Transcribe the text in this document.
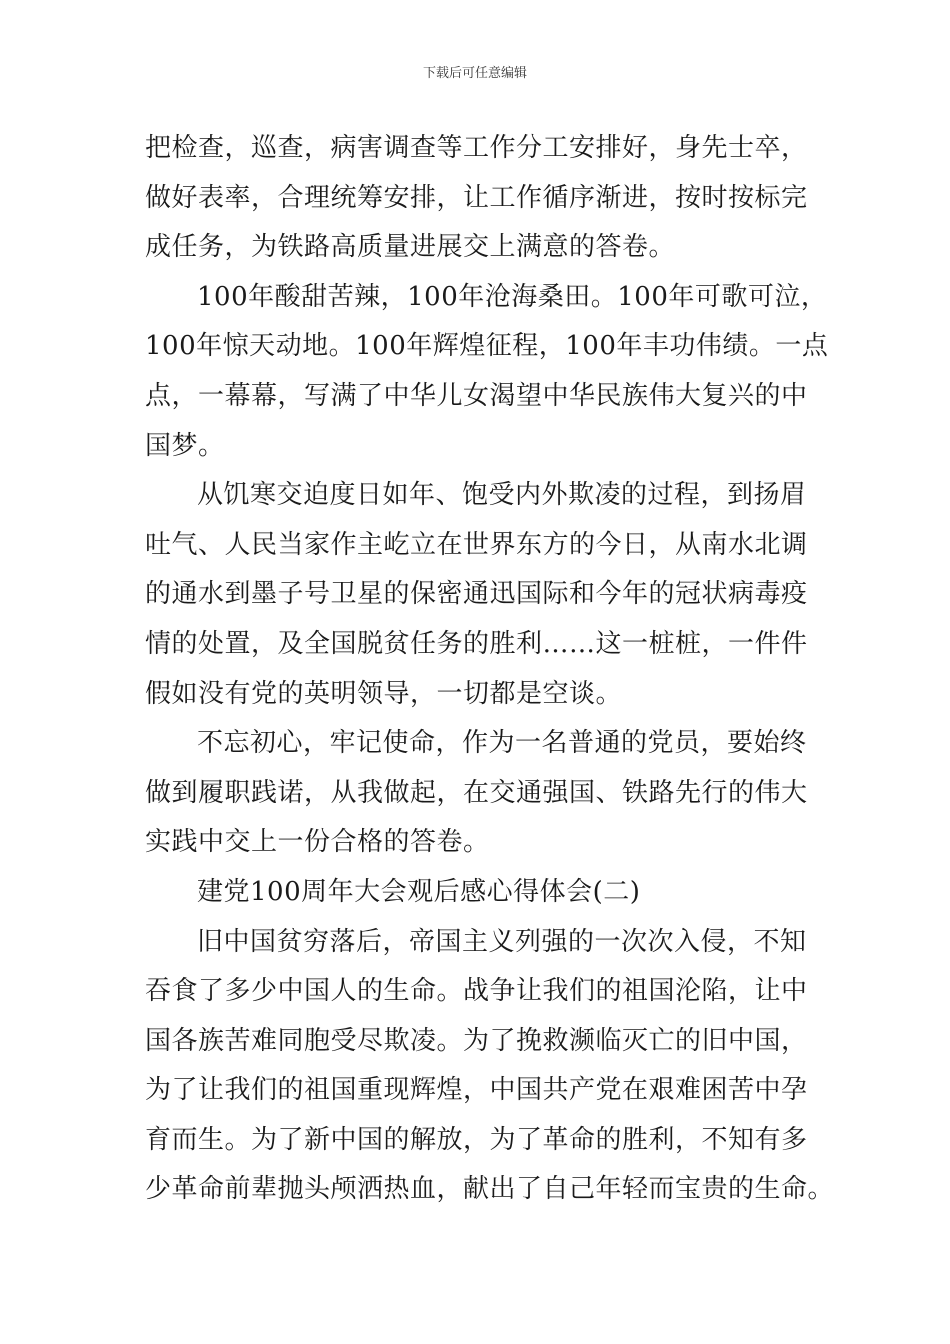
下载后可任意编辑
把检查，巡查，病害调查等工作分工安排好，身先士卒，
做好表率，合理统筹安排，让工作循序渐进，按时按标完
成任务，为铁路高质量进展交上满意的答卷。
100年酸甜苦辣，100年沧海桑田。100年可歌可泣，
100年惊天动地。100年辉煌征程，100年丰功伟绩。一点
点，一幕幕，写满了中华儿女渴望中华民族伟大复兴的中
国梦。
从饥寒交迫度日如年、饱受内外欺凌的过程，到扬眉
吐气、人民当家作主屹立在世界东方的今日，从南水北调
的通水到墨子号卫星的保密通迅国际和今年的冠状病毒疫
情的处置，及全国脱贫任务的胜利……这一桩桩，一件件
假如没有党的英明领导，一切都是空谈。
不忘初心，牢记使命，作为一名普通的党员，要始终
做到履职践诺，从我做起，在交通强国、铁路先行的伟大
实践中交上一份合格的答卷。
建党100周年大会观后感心得体会(二)
旧中国贫穷落后，帝国主义列强的一次次入侵，不知
吞食了多少中国人的生命。战争让我们的祖国沦陷，让中
国各族苦难同胞受尽欺凌。为了挽救濒临灭亡的旧中国，
为了让我们的祖国重现辉煌，中国共产党在艰难困苦中孕
育而生。为了新中国的解放，为了革命的胜利，不知有多
少革命前辈抛头颅洒热血，献出了自己年轻而宝贵的生命。
